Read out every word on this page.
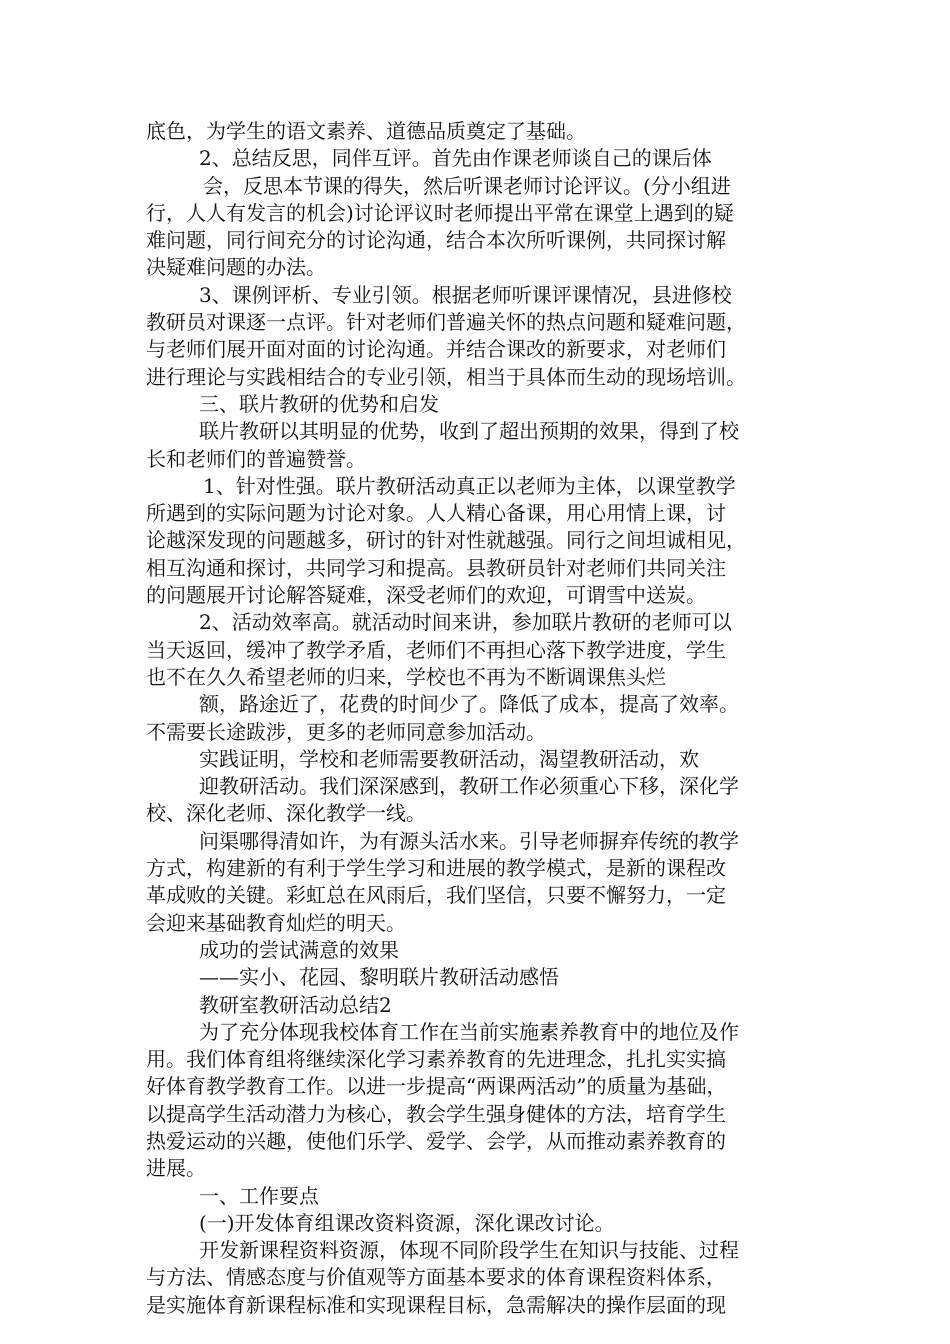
底色，为学生的语文素养、道德品质奠定了基础。
2、总结反思，同伴互评。首先由作课老师谈自己的课后体
会，反思本节课的得失，然后听课老师讨论评议。(分小组进
行，人人有发言的机会)讨论评议时老师提出平常在课堂上遇到的疑
难问题，同行间充分的讨论沟通，结合本次所听课例，共同探讨解
决疑难问题的办法。
3、课例评析、专业引领。根据老师听课评课情况，县进修校
教研员对课逐一点评。针对老师们普遍关怀的热点问题和疑难问题，
与老师们展开面对面的讨论沟通。并结合课改的新要求，对老师们
进行理论与实践相结合的专业引领，相当于具体而生动的现场培训。
三、联片教研的优势和启发
联片教研以其明显的优势，收到了超出预期的效果，得到了校
长和老师们的普遍赞誉。
1、针对性强。联片教研活动真正以老师为主体，以课堂教学
所遇到的实际问题为讨论对象。人人精心备课，用心用情上课，讨
论越深发现的问题越多，研讨的针对性就越强。同行之间坦诚相见，
相互沟通和探讨，共同学习和提高。县教研员针对老师们共同关注
的问题展开讨论解答疑难，深受老师们的欢迎，可谓雪中送炭。
2、活动效率高。就活动时间来讲，参加联片教研的老师可以
当天返回，缓冲了教学矛盾，老师们不再担心落下教学进度，学生
也不在久久希望老师的归来，学校也不再为不断调课焦头烂
额，路途近了，花费的时间少了。降低了成本，提高了效率。
不需要长途跋涉，更多的老师同意参加活动。
实践证明，学校和老师需要教研活动，渴望教研活动，欢
迎教研活动。我们深深感到，教研工作必须重心下移，深化学
校、深化老师、深化教学一线。
问渠哪得清如许，为有源头活水来。引导老师摒弃传统的教学
方式，构建新的有利于学生学习和进展的教学模式，是新的课程改
革成败的关键。彩虹总在风雨后，我们坚信，只要不懈努力，一定
会迎来基础教育灿烂的明天。
成功的尝试满意的效果
——实小、花园、黎明联片教研活动感悟
教研室教研活动总结2
为了充分体现我校体育工作在当前实施素养教育中的地位及作
用。我们体育组将继续深化学习素养教育的先进理念，扎扎实实搞
好体育教学教育工作。以进一步提高“两课两活动”的质量为基础，
以提高学生活动潜力为核心，教会学生强身健体的方法，培育学生
热爱运动的兴趣，使他们乐学、爱学、会学，从而推动素养教育的
进展。
一、工作要点
(一)开发体育组课改资料资源，深化课改讨论。
开发新课程资料资源，体现不同阶段学生在知识与技能、过程
与方法、情感态度与价值观等方面基本要求的体育课程资料体系，
是实施体育新课程标准和实现课程目标，急需解决的操作层面的现
